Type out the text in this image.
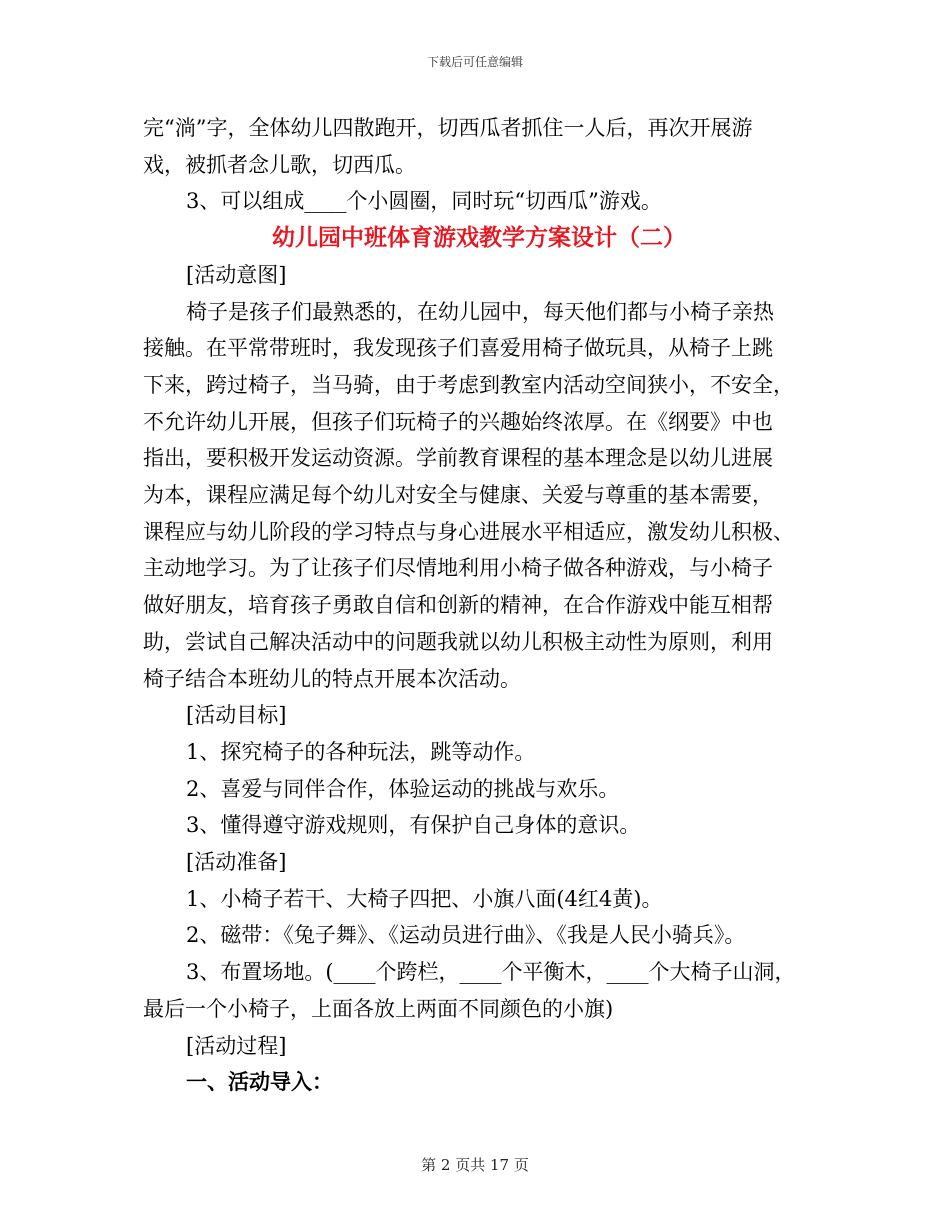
下载后可任意编辑

完“淌”字，全体幼儿四散跑开，切西瓜者抓住一人后，再次开展游

戏，被抓者念儿歌，切西瓜。

3、可以组成____个小圆圈，同时玩“切西瓜”游戏。

幼儿园中班体育游戏教学方案设计（二）

[活动意图]

椅子是孩子们最熟悉的，在幼儿园中，每天他们都与小椅子亲热

接触。在平常带班时，我发现孩子们喜爱用椅子做玩具，从椅子上跳

下来，跨过椅子，当马骑，由于考虑到教室内活动空间狭小，不安全，

不允许幼儿开展，但孩子们玩椅子的兴趣始终浓厚。在《纲要》中也

指出，要积极开发运动资源。学前教育课程的基本理念是以幼儿进展

为本，课程应满足每个幼儿对安全与健康、关爱与尊重的基本需要，

课程应与幼儿阶段的学习特点与身心进展水平相适应，激发幼儿积极、

主动地学习。为了让孩子们尽情地利用小椅子做各种游戏，与小椅子

做好朋友，培育孩子勇敢自信和创新的精神，在合作游戏中能互相帮

助，尝试自己解决活动中的问题我就以幼儿积极主动性为原则，利用

椅子结合本班幼儿的特点开展本次活动。

[活动目标]

1、探究椅子的各种玩法，跳等动作。

2、喜爱与同伴合作，体验运动的挑战与欢乐。

3、懂得遵守游戏规则，有保护自己身体的意识。

[活动准备]

1、小椅子若干、大椅子四把、小旗八面(4红4黄)。

2、磁带：《兔子舞》、《运动员进行曲》、《我是人民小骑兵》。

3、布置场地。(____个跨栏，____个平衡木，____个大椅子山洞，

最后一个小椅子，上面各放上两面不同颜色的小旗)

[活动过程]

一、活动导入：

第 2 页共 17 页
